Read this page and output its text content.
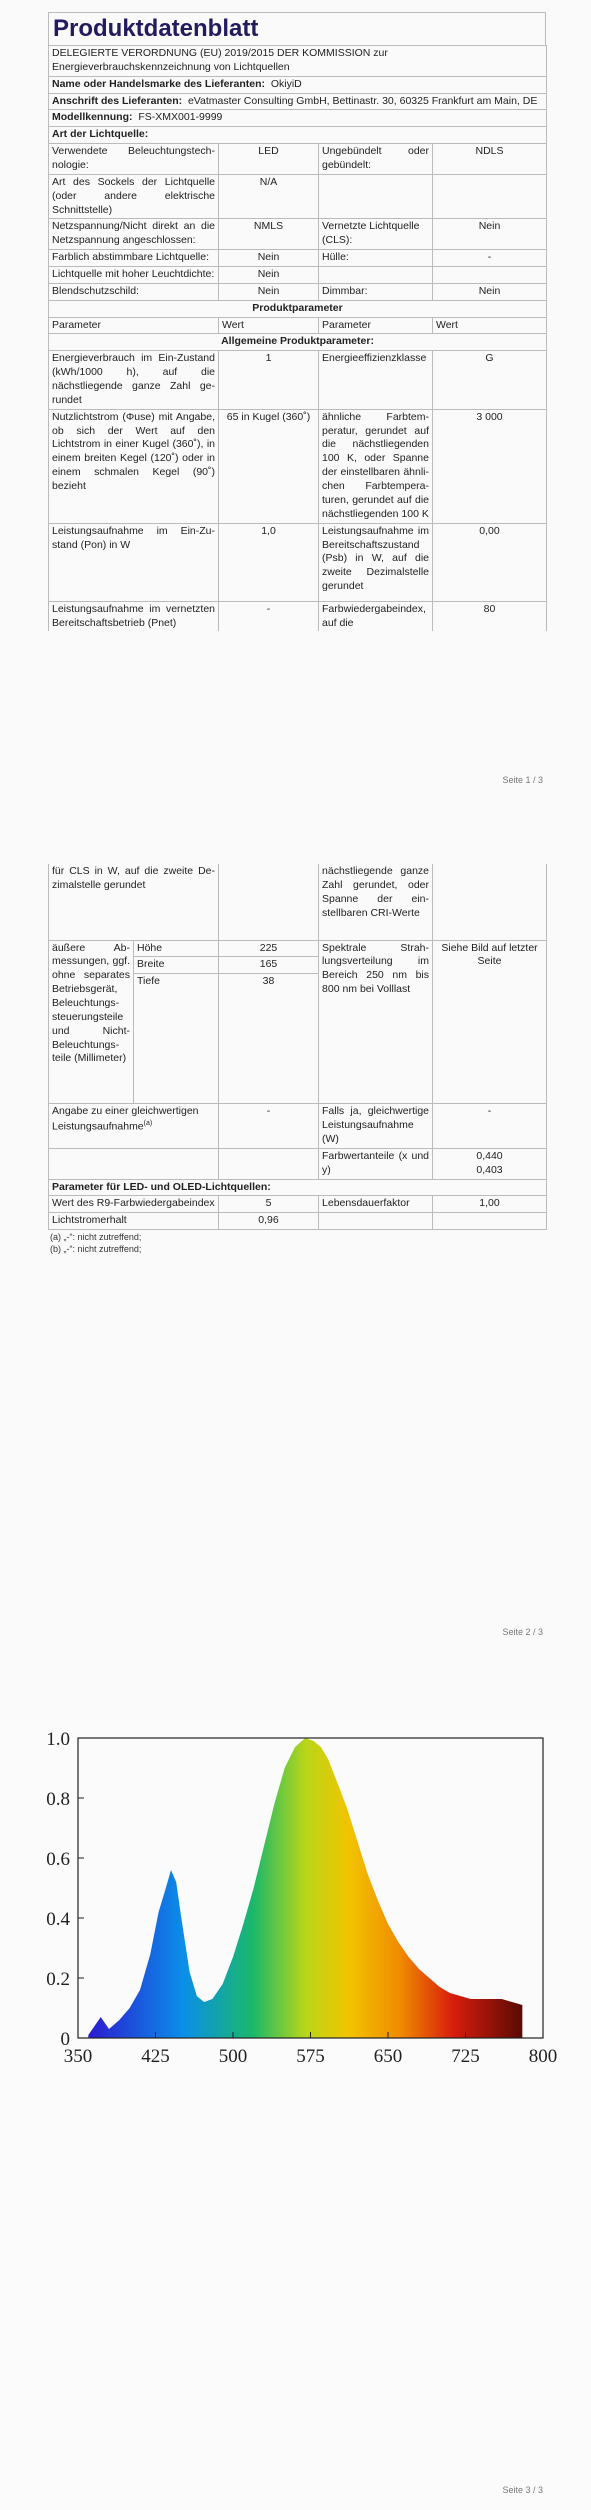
Produktdatenblatt
DELEGIERTE VERORDNUNG (EU) 2019/2015 DER KOMMISSION zur Energieverbrauchskennzeichnung von Lichtquellen			
Name oder Handelsmarke des Lieferanten: OkiyiD			
Anschrift des Lieferanten: eVatmaster Consulting GmbH, Bettinastr. 30, 60325 Frankfurt am Main, DE			
Modellkennung: FS-XMX001-9999			
Art der Lichtquelle:			
Verwendete Beleuchtungstechnologie:	LED	Ungebündelt oder gebündelt:	NDLS
Art des Sockels der Lichtquelle (oder andere elektrische Schnittstelle)	N/A		
Netzspannung/Nicht direkt an die Netzspannung angeschlossen:	NMLS	Vernetzte Lichtquelle (CLS):	Nein
Farblich abstimmbare Lichtquelle:	Nein	Hülle:	-
Lichtquelle mit hoher Leuchtdichte:	Nein		
Blendschutzschild:	Nein	Dimmbar:	Nein
Produktparameter			
Parameter	Wert	Parameter	Wert
Allgemeine Produktparameter:			
Energieverbrauch im Ein-Zustand (kWh/1000 h), auf die nächstliegende ganze Zahl gerundet	1	Energieeffizienzklasse	G
Nutzlichtstrom (Φuse) mit Angabe, ob sich der Wert auf den Lichtstrom in einer Kugel (360˚), in einem breiten Kegel (120˚) oder in einem schmalen Kegel (90˚) bezieht	65 in Kugel (360˚)	ähnliche Farbtemperatur, gerundet auf die nächstliegenden 100 K, oder Spanne der einstellbaren ähnlichen Farbtemperaturen, gerundet auf die nächstliegenden 100 K	3 000
Leistungsaufnahme im Ein-Zustand (Pon) in W	1,0	Leistungsaufnahme im Bereitschaftszustand (Psb) in W, auf die zweite Dezimalstelle gerundet	0,00
Leistungsaufnahme im vernetzten Bereitschaftsbetrieb (Pnet)	-	Farbwiedergabeindex, auf die	80
Seite 1 / 3
für CLS in W, auf die zweite Dezimalstelle gerundet			nächstliegende ganze Zahl gerundet, oder Spanne der einstellbaren CRI-Werte	
äußere Abmessungen, ggf. ohne separates Betriebsgerät, Beleuchtungssteuerungsteile und Nicht-Beleuchtungsteile (Millimeter)	Höhe	225	Spektrale Strahlungsverteilung im Bereich 250 nm bis 800 nm bei Volllast	Siehe Bild auf letzter Seite
	Breite	165		
	Tiefe	38		
Angabe zu einer gleichwertigen Leistungsaufnahme$^{(a)}$		-	Falls ja, gleichwertige Leistungsaufnahme (W)	-
			Farbwertanteile (x und y)	0,440
0,403

Parameter für LED- und OLED-Lichtquellen:				
Wert des R9-Farbwiedergabeindex		5	Lebensdauerfaktor	1,00
Lichtstromerhalt		0,96		
(a) „-“: nicht zutreffend;
(b) „-“: nicht zutreffend;
Seite 2 / 3
350	425	500	575	650	725	800
0
0.2
0.4
0.6
0.8
1.0
Seite 3 / 3
